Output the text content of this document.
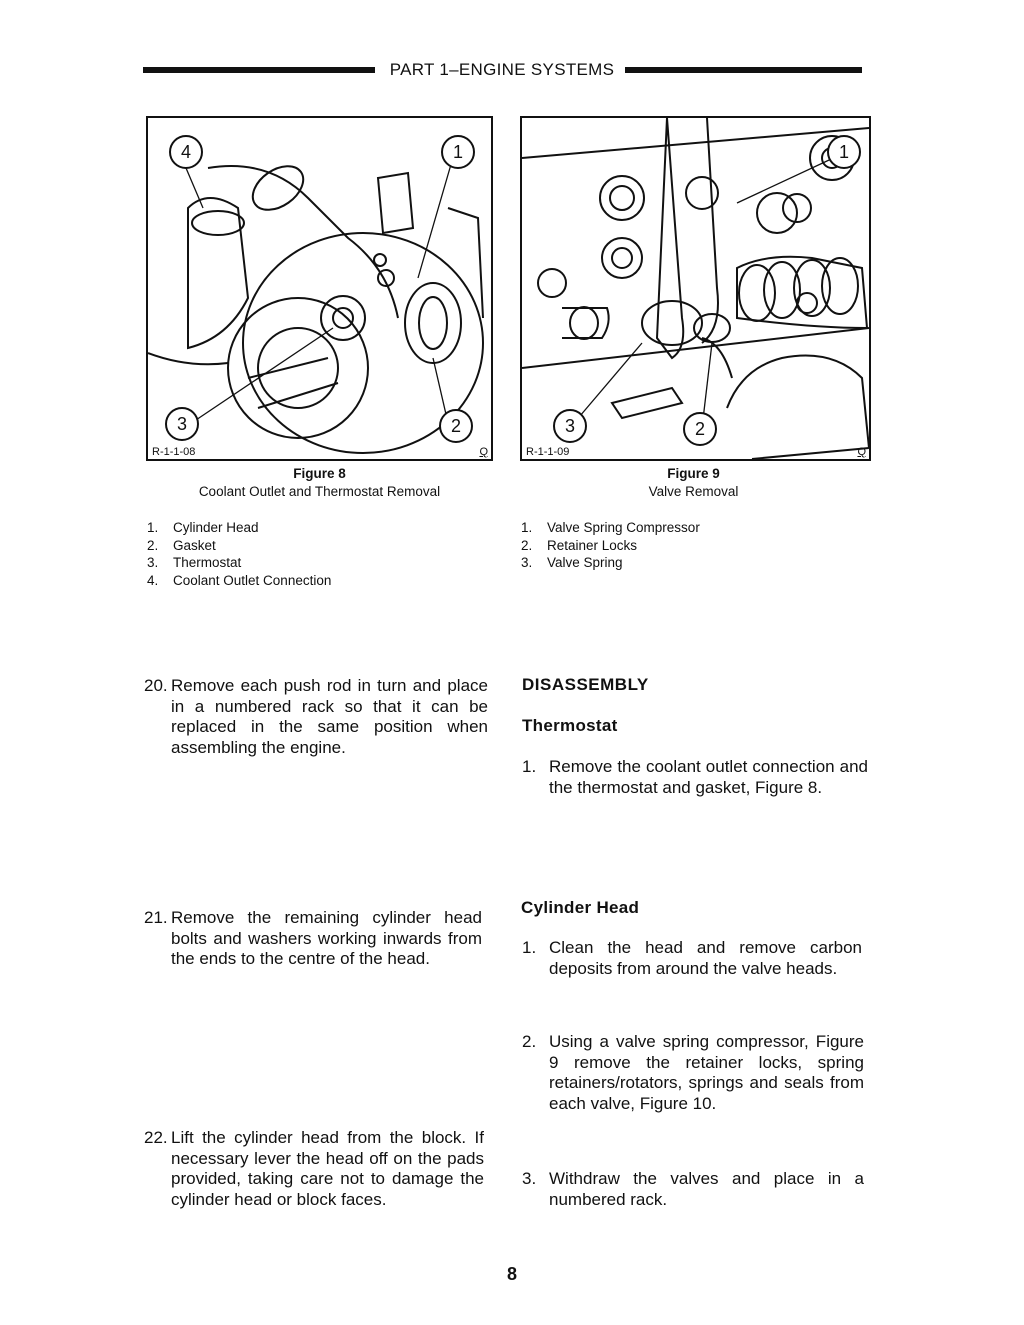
PART 1–ENGINE SYSTEMS
4	1
3	2
R-1-1-08	Q
1
3	2
R-1-1-09	Q
Figure 8
Coolant Outlet and Thermostat Removal
Figure 9
Valve Removal
1. Cylinder Head
2. Gasket
3. Thermostat
4. Coolant Outlet Connection
1. Valve Spring Compressor
2. Retainer Locks
3. Valve Spring
20. Remove each push rod in turn and place in a numbered rack so that it can be replaced in the same position when assembling the engine.
21. Remove the remaining cylinder head bolts and washers working inwards from the ends to the centre of the head.
22. Lift the cylinder head from the block. If necessary lever the head off on the pads provided, taking care not to damage the cylinder head or block faces.
DISASSEMBLY
Thermostat
1. Remove the coolant outlet connection and the thermostat and gasket, Figure 8.
Cylinder Head
1. Clean the head and remove carbon deposits from around the valve heads.
2. Using a valve spring compressor, Figure 9 remove the retainer locks, spring retainers/rotators, springs and seals from each valve, Figure 10.
3. Withdraw the valves and place in a numbered rack.
8
